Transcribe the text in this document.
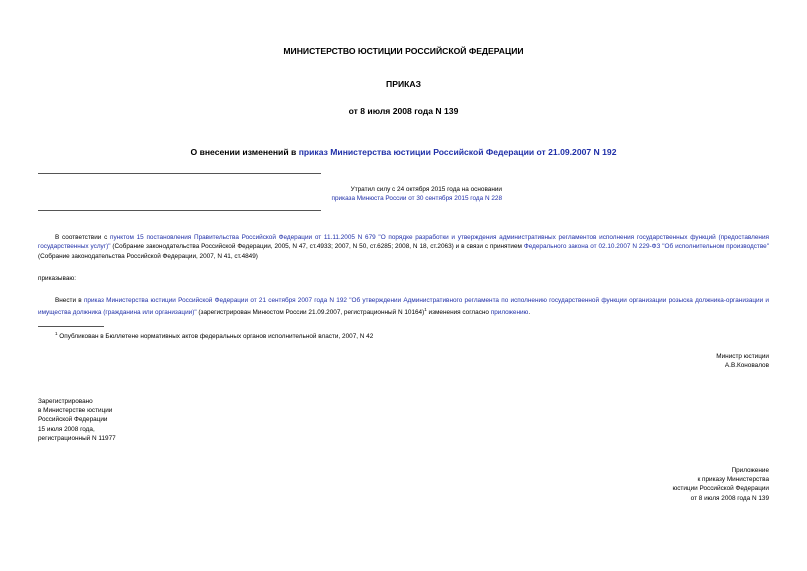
МИНИСТЕРСТВО ЮСТИЦИИ РОССИЙСКОЙ ФЕДЕРАЦИИ
ПРИКАЗ
от 8 июля 2008 года N 139
О внесении изменений в приказ Министерства юстиции Российской Федерации от 21.09.2007 N 192
Утратил силу с 24 октября 2015 года на основании
приказа Минюста России от 30 сентября 2015 года N 228
В соответствии с пунктом 15 постановления Правительства Российской Федерации от 11.11.2005 N 679 "О порядке разработки и утверждения административных регламентов исполнения государственных функций (предоставления государственных услуг)" (Собрание законодательства Российской Федерации, 2005, N 47, ст.4933; 2007, N 50, ст.6285; 2008, N 18, ст.2063) и в связи с принятием Федерального закона от 02.10.2007 N 229-ФЗ "Об исполнительном производстве" (Собрание законодательства Российской Федерации, 2007, N 41, ст.4849)
приказываю:
Внести в приказ Министерства юстиции Российской Федерации от 21 сентября 2007 года N 192 "Об утверждении Административного регламента по исполнению государственной функции организации розыска должника-организации и имущества должника (гражданина или организации)" (зарегистрирован Минюстом России 21.09.2007, регистрационный N 10164)$^1$ изменения согласно приложению.
$^1$ Опубликован в Бюллетене нормативных актов федеральных органов исполнительной власти, 2007, N 42
Министр юстиции
А.В.Коновалов
Зарегистрировано
в Министерстве юстиции
Российской Федерации
15 июля 2008 года,
регистрационный N 11977
Приложение
к приказу Министерства
юстиции Российской Федерации
от 8 июля 2008 года N 139
